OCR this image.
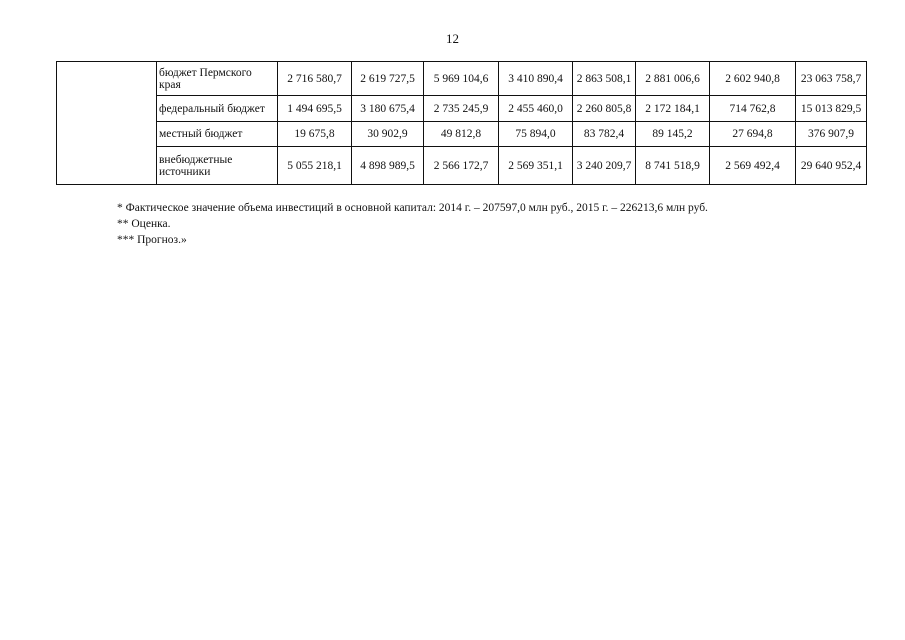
12
	бюджет Пермского края	2 716 580,7	2 619 727,5	5 969 104,6	3 410 890,4	2 863 508,1	2 881 006,6	2 602 940,8	23 063 758,7
	федеральный бюджет	1 494 695,5	3 180 675,4	2 735 245,9	2 455 460,0	2 260 805,8	2 172 184,1	714 762,8	15 013 829,5
	местный бюджет	19 675,8	30 902,9	49 812,8	75 894,0	83 782,4	89 145,2	27 694,8	376 907,9
	внебюджетные источники	5 055 218,1	4 898 989,5	2 566 172,7	2 569 351,1	3 240 209,7	8 741 518,9	2 569 492,4	29 640 952,4
* Фактическое значение объема инвестиций в основной капитал: 2014 г. – 207597,0 млн руб., 2015 г. – 226213,6 млн руб.
** Оценка.
*** Прогноз.»
